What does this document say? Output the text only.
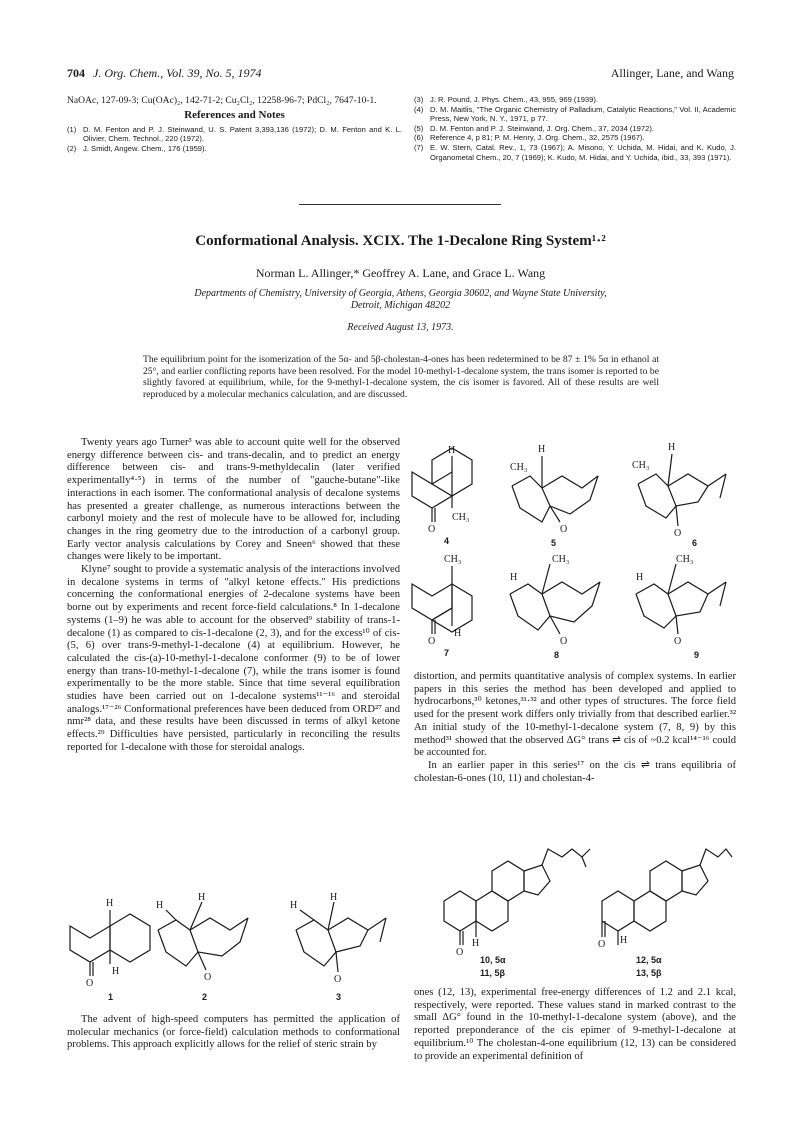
704 J. Org. Chem., Vol. 39, No. 5, 1974	Allinger, Lane, and Wang

NaOAc, 127-09-3; Cu(OAc)₂, 142-71-2; Cu₂Cl₂, 12258-96-7; PdCl₂, 7647-10-1.

References and Notes
(1) D. M. Fenton and P. J. Steinwand, U. S. Patent 3,393,136 (1972); D. M. Fenton and K. L. Olivier, Chem. Technol., 220 (1972).
(2) J. Smidt, Angew. Chem., 176 (1959).
(3) J. R. Pound, J. Phys. Chem., 43, 955, 969 (1939).
(4) D. M. Maitlis, "The Organic Chemistry of Palladium, Catalytic Reactions," Vol. II, Academic Press, New York, N. Y., 1971, p 77.
(5) D. M. Fenton and P. J. Steinwand, J. Org. Chem., 37, 2034 (1972).
(6) Reference 4, p 81; P. M. Henry, J. Org. Chem., 32, 2575 (1967).
(7) E. W. Stern, Catal. Rev., 1, 73 (1967); A. Misono, Y. Uchida, M. Hidai, and K. Kudo, J. Organometal Chem., 20, 7 (1969); K. Kudo, M. Hidai, and Y. Uchida, ibid., 33, 393 (1971).
Conformational Analysis. XCIX. The 1-Decalone Ring System¹·²
Norman L. Allinger,* Geoffrey A. Lane, and Grace L. Wang
Departments of Chemistry, University of Georgia, Athens, Georgia 30602, and Wayne State University,
Detroit, Michigan 48202
Received August 13, 1973.
The equilibrium point for the isomerization of the 5α- and 5β-cholestan-4-ones has been redetermined to be 87 ± 1% 5α in ethanol at 25°, and earlier conflicting reports have been resolved. For the model 10-methyl-1-decalone system, the trans isomer is reported to be slightly favored at equilibrium, while, for the 9-methyl-1-decalone system, the cis isomer is favored. All of these results are well reproduced by a molecular mechanics calculation, and are discussed.

Twenty years ago Turner³ was able to account quite well for the observed energy difference between cis- and trans-decalin, and to predict an energy difference between cis- and trans-9-methyldecalin (later verified experimentally⁴·⁵) in terms of the number of "gauche-butane"-like interactions in each isomer. The conformational analysis of decalone systems has presented a greater challenge, as numerous interactions between the carbonyl moiety and the rest of molecule have to be allowed for, including changes in the ring geometry due to the introduction of a carbonyl group. Early vector analysis calculations by Corey and Sneen⁶ showed that these changes were likely to be important.

Klyne⁷ sought to provide a systematic analysis of the interactions involved in decalone systems in terms of "alkyl ketone effects." His predictions concerning the conformational energies of 2-decalone systems have been borne out by experiments and recent force-field calculations.⁸ In 1-decalone systems (1–9) he was able to account for the observed⁹ stability of trans-1-decalone (1) as compared to cis-1-decalone (2, 3), and for the excess¹⁰ of cis-(5, 6) over trans-9-methyl-1-decalone (4) at equilibrium. However, he calculated the cis-(a)-10-methyl-1-decalone conformer (9) to be of lower energy than trans-10-methyl-1-decalone (7), while the trans isomer is found experimentally to be the more stable. Since that time several equilibration studies have been carried out on 1-decalone systems¹¹⁻¹⁶ and steroidal analogs.¹⁷⁻²⁶ Conformational preferences have been deduced from ORD²⁷ and nmr²⁸ data, and these results have been discussed in terms of alkyl ketone effects.²⁹ Difficulties have persisted, particularly in reconciling the results reported for 1-decalone with those for steroidal analogs.

The advent of high-speed computers has permitted the application of molecular mechanics (or force-field) calculation methods to conformational problems. This approach explicitly allows for the relief of steric strain by

distortion, and permits quantitative analysis of complex systems. In earlier papers in this series the method has been developed and applied to hydrocarbons,³⁰ ketones,³¹·³² and other types of structures. The force field used for the present work differs only trivially from that described earlier.³² An initial study of the 10-methyl-1-decalone system (7, 8, 9) by this method³¹ showed that the observed ΔG° trans ⇌ cis of ~0.2 kcal¹⁴⁻¹⁶ could be accounted for.

In an earlier paper in this series¹⁷ on the cis ⇌ trans equilibria of cholestan-6-ones (10, 11) and cholestan-4-

ones (12, 13), experimental free-energy differences of 1.2 and 2.1 kcal, respectively, were reported. These values stand in marked contrast to the small ΔG° found in the 10-methyl-1-decalone system (above), and the reported preponderance of the cis epimer of 9-methyl-1-decalone at equilibrium.¹⁰ The cholestan-4-one equilibrium (12, 13) can be considered to provide an experimental definition of

H
CH₃
O
4
H
CH₃
O
5
H
CH₃
O
6
CH₃
H
O
7
CH₃
H
O
8
CH₃
H
O
9
H
H
O
1
H
H
O
2
H
H
O
3
H
O
10, 5α
11, 5β
H
O
12, 5α
13, 5β
